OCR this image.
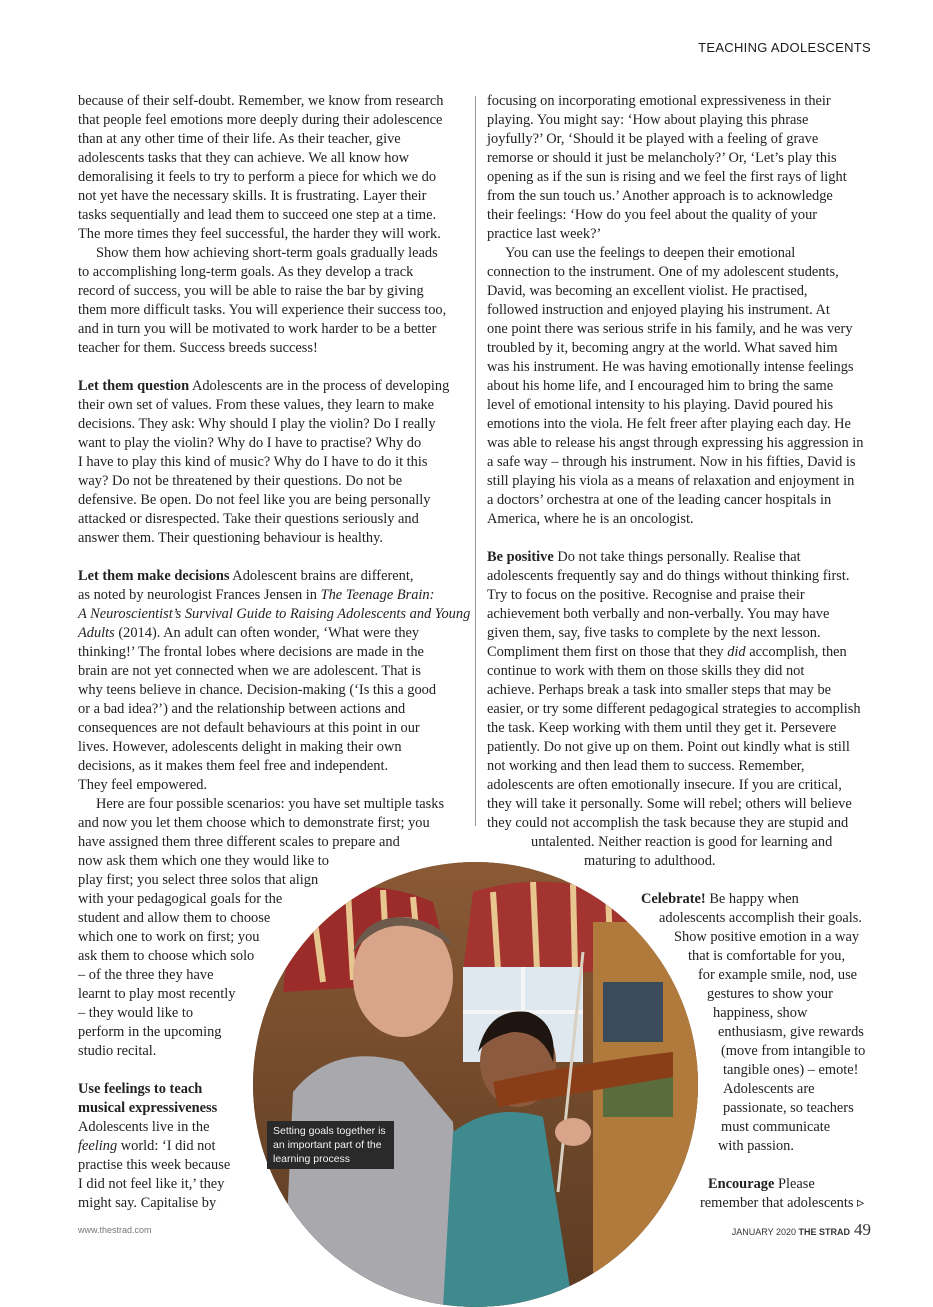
TEACHING ADOLESCENTS

because of their self-doubt. Remember, we know from research
that people feel emotions more deeply during their adolescence
than at any other time of their life. As their teacher, give
adolescents tasks that they can achieve. We all know how
demoralising it feels to try to perform a piece for which we do
not yet have the necessary skills. It is frustrating. Layer their
tasks sequentially and lead them to succeed one step at a time.
The more times they feel successful, the harder they will work.

Show them how achieving short-term goals gradually leads
to accomplishing long-term goals. As they develop a track
record of success, you will be able to raise the bar by giving
them more difficult tasks. You will experience their success too,
and in turn you will be motivated to work harder to be a better
teacher for them. Success breeds success!

Let them question Adolescents are in the process of developing
their own set of values. From these values, they learn to make
decisions. They ask: Why should I play the violin? Do I really
want to play the violin? Why do I have to practise? Why do
I have to play this kind of music? Why do I have to do it this
way? Do not be threatened by their questions. Do not be
defensive. Be open. Do not feel like you are being personally
attacked or disrespected. Take their questions seriously and
answer them. Their questioning behaviour is healthy.

Let them make decisions Adolescent brains are different,
as noted by neurologist Frances Jensen in The Teenage Brain:
A Neuroscientist’s Survival Guide to Raising Adolescents and Young
Adults (2014). An adult can often wonder, ‘What were they
thinking!’ The frontal lobes where decisions are made in the
brain are not yet connected when we are adolescent. That is
why teens believe in chance. Decision-making (‘Is this a good
or a bad idea?’) and the relationship between actions and
consequences are not default behaviours at this point in our
lives. However, adolescents delight in making their own
decisions, as it makes them feel free and independent.
They feel empowered.

Here are four possible scenarios: you have set multiple tasks
and now you let them choose which to demonstrate first; you
have assigned them three different scales to prepare and
now ask them which one they would like to
play first; you select three solos that align
with your pedagogical goals for the
student and allow them to choose
which one to work on first; you
ask them to choose which solo
– of the three they have
learnt to play most recently
– they would like to
perform in the upcoming
studio recital.

Use feelings to teach
musical expressiveness
Adolescents live in the
feeling world: ‘I did not
practise this week because
I did not feel like it,’ they
might say. Capitalise by

focusing on incorporating emotional expressiveness in their
playing. You might say: ‘How about playing this phrase
joyfully?’ Or, ‘Should it be played with a feeling of grave
remorse or should it just be melancholy?’ Or, ‘Let’s play this
opening as if the sun is rising and we feel the first rays of light
from the sun touch us.’ Another approach is to acknowledge
their feelings: ‘How do you feel about the quality of your
practice last week?’

You can use the feelings to deepen their emotional
connection to the instrument. One of my adolescent students,
David, was becoming an excellent violist. He practised,
followed instruction and enjoyed playing his instrument. At
one point there was serious strife in his family, and he was very
troubled by it, becoming angry at the world. What saved him
was his instrument. He was having emotionally intense feelings
about his home life, and I encouraged him to bring the same
level of emotional intensity to his playing. David poured his
emotions into the viola. He felt freer after playing each day. He
was able to release his angst through expressing his aggression in
a safe way – through his instrument. Now in his fifties, David is
still playing his viola as a means of relaxation and enjoyment in
a doctors’ orchestra at one of the leading cancer hospitals in
America, where he is an oncologist.

Be positive Do not take things personally. Realise that
adolescents frequently say and do things without thinking first.
Try to focus on the positive. Recognise and praise their
achievement both verbally and non-verbally. You may have
given them, say, five tasks to complete by the next lesson.
Compliment them first on those that they did accomplish, then
continue to work with them on those skills they did not
achieve. Perhaps break a task into smaller steps that may be
easier, or try some different pedagogical strategies to accomplish
the task. Keep working with them until they get it. Persevere
patiently. Do not give up on them. Point out kindly what is still
not working and then lead them to success. Remember,
adolescents are often emotionally insecure. If you are critical,
they will take it personally. Some will rebel; others will believe
they could not accomplish the task because they are stupid and
untalented. Neither reaction is good for learning and
maturing to adulthood.

Celebrate! Be happy when
adolescents accomplish their goals.
Show positive emotion in a way
that is comfortable for you,
for example smile, nod, use
gestures to show your
happiness, show
enthusiasm, give rewards
(move from intangible to
tangible ones) – emote!
Adolescents are
passionate, so teachers
must communicate
with passion.

Encourage Please
remember that adolescents ▹

Setting goals together is an important part of the learning process
www.thestrad.com	JANUARY 2020 THE STRAD 49
